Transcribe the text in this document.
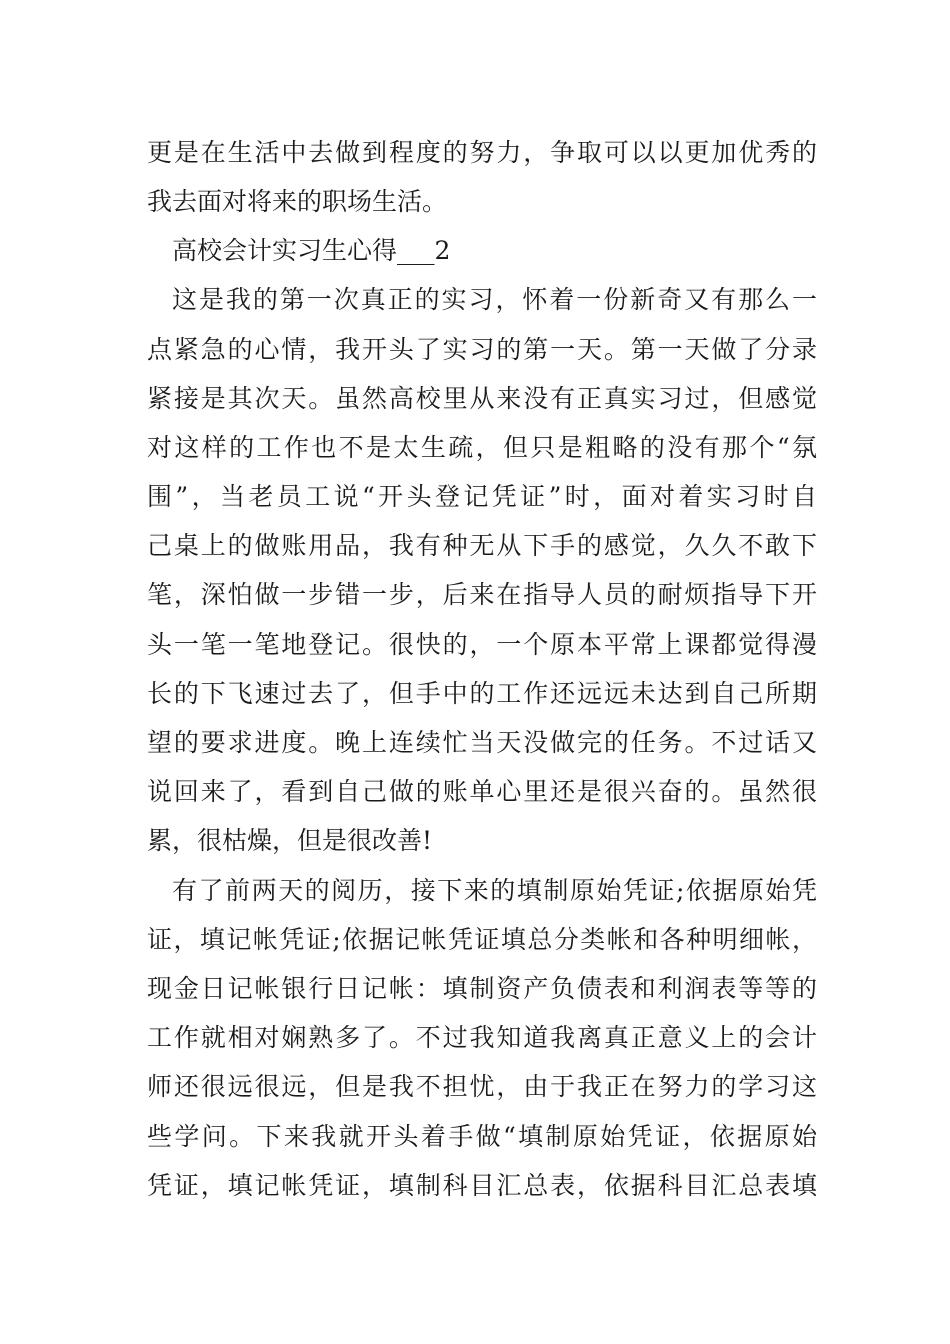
更是在生活中去做到程度的努力，争取可以以更加优秀的
我去面对将来的职场生活。
高校会计实习生心得___2
这是我的第一次真正的实习，怀着一份新奇又有那么一
点紧急的心情，我开头了实习的第一天。第一天做了分录
紧接是其次天。虽然高校里从来没有正真实习过，但感觉
对这样的工作也不是太生疏，但只是粗略的没有那个“氛
围”，当老员工说“开头登记凭证”时，面对着实习时自
己桌上的做账用品，我有种无从下手的感觉，久久不敢下
笔，深怕做一步错一步，后来在指导人员的耐烦指导下开
头一笔一笔地登记。很快的，一个原本平常上课都觉得漫
长的下飞速过去了，但手中的工作还远远未达到自己所期
望的要求进度。晚上连续忙当天没做完的任务。不过话又
说回来了，看到自己做的账单心里还是很兴奋的。虽然很
累，很枯燥，但是很改善!
有了前两天的阅历，接下来的填制原始凭证;依据原始凭
证，填记帐凭证;依据记帐凭证填总分类帐和各种明细帐，
现金日记帐银行日记帐：填制资产负债表和利润表等等的
工作就相对娴熟多了。不过我知道我离真正意义上的会计
师还很远很远，但是我不担忧，由于我正在努力的学习这
些学问。下来我就开头着手做“填制原始凭证，依据原始
凭证，填记帐凭证，填制科目汇总表，依据科目汇总表填
